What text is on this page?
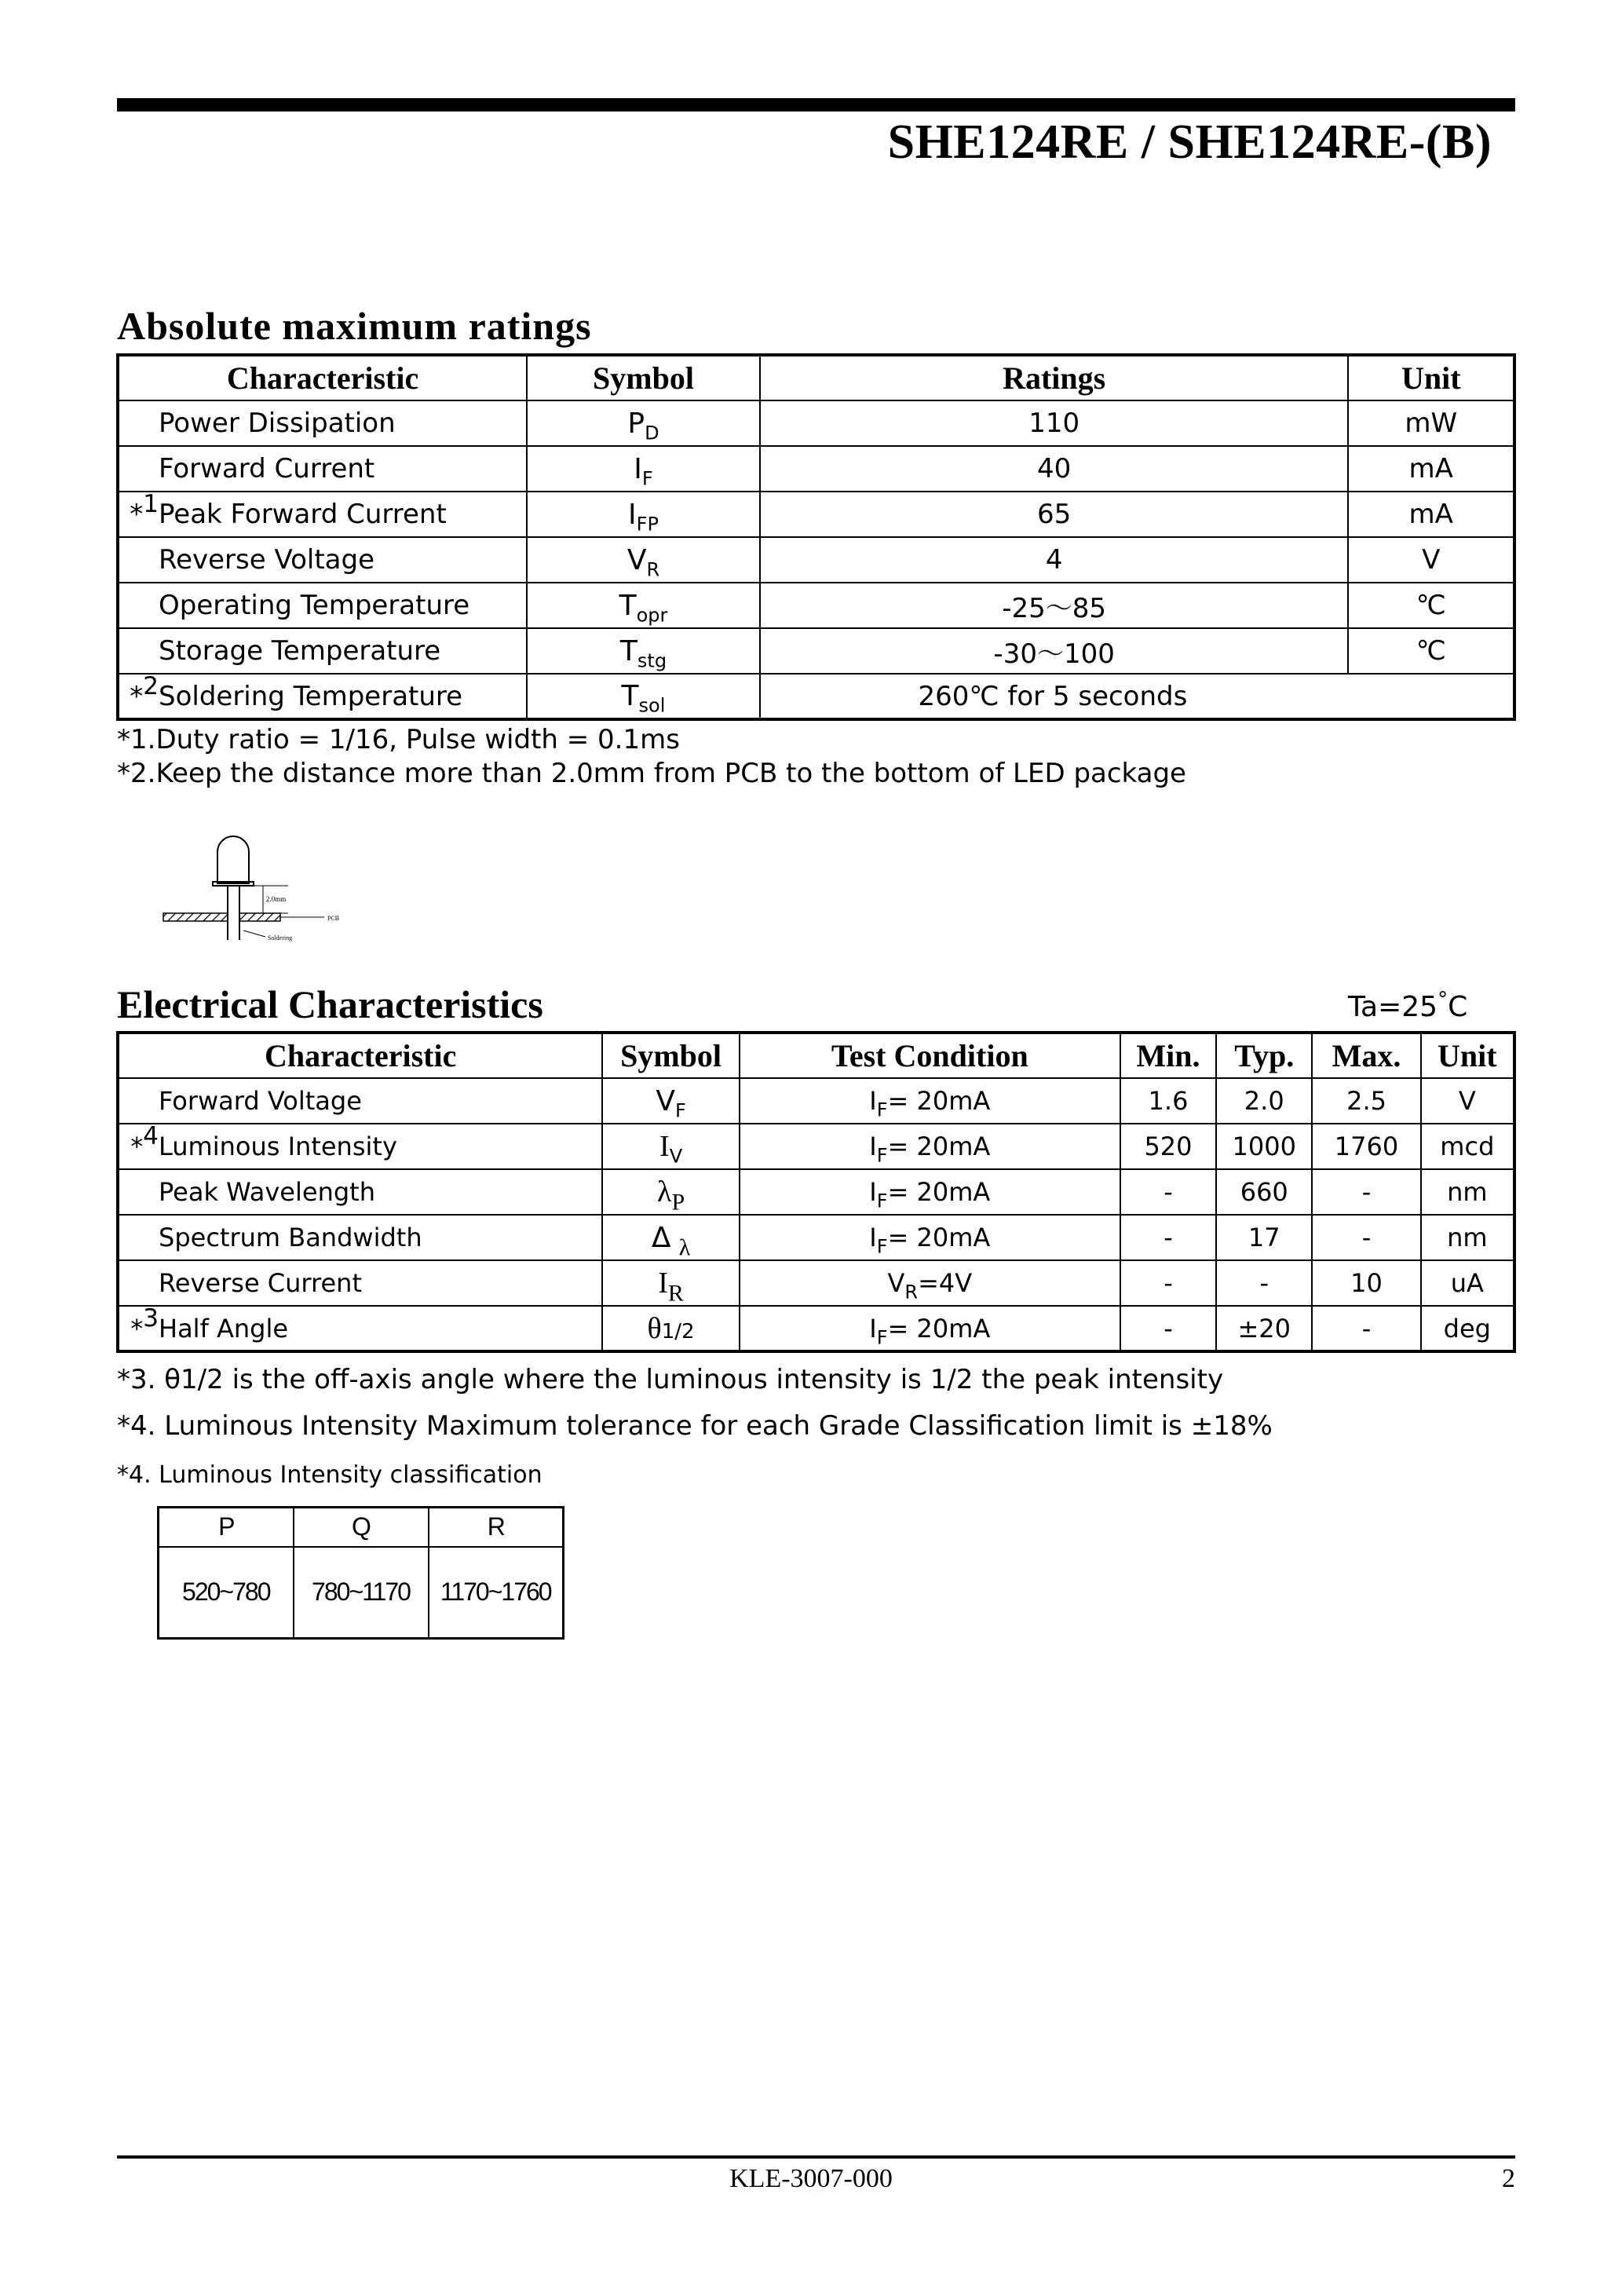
SHE124RE / SHE124RE-(B)
Absolute maximum ratings
Characteristic	Symbol	Ratings	Unit
Power Dissipation	$P_D$	110	mW
Forward Current	$I_F$	40	mA
*1Peak Forward Current	$I_{FP}$	65	mA
Reverse Voltage	$V_R$	4	V
Operating Temperature	$T_{opr}$	-25～85	℃
Storage Temperature	$T_{stg}$	-30～100	℃
*2Soldering Temperature	$T_{sol}$	260℃ for 5 seconds	
*1.Duty ratio = 1/16, Pulse width = 0.1ms
*2.Keep the distance more than 2.0mm from PCB to the bottom of LED package
2.0mm
PCB
Soldering
Electrical Characteristics	Ta=25°C
Characteristic	Symbol	Test Condition	Min.	Typ.	Max.	Unit
Forward Voltage	$V_F$	$I_F= 20mA$	1.6	2.0	2.5	V
*4Luminous Intensity	$I_V$	$I_F= 20mA$	520	1000	1760	mcd
Peak Wavelength	λP	$I_F= 20mA$	-	660	-	nm
Spectrum Bandwidth	Δ λ	$I_F= 20mA$	-	17	-	nm
Reverse Current	IR	$V_R=4V$	-	-	10	uA
*3Half Angle	θ1/2	$I_F= 20mA$	-	±20	-	deg
*3. θ1/2 is the off-axis angle where the luminous intensity is 1/2 the peak intensity
*4. Luminous Intensity Maximum tolerance for each Grade Classification limit is ±18%
*4. Luminous Intensity classification
P	Q	R
520~780	780~1170	1170~1760
KLE-3007-000	2
